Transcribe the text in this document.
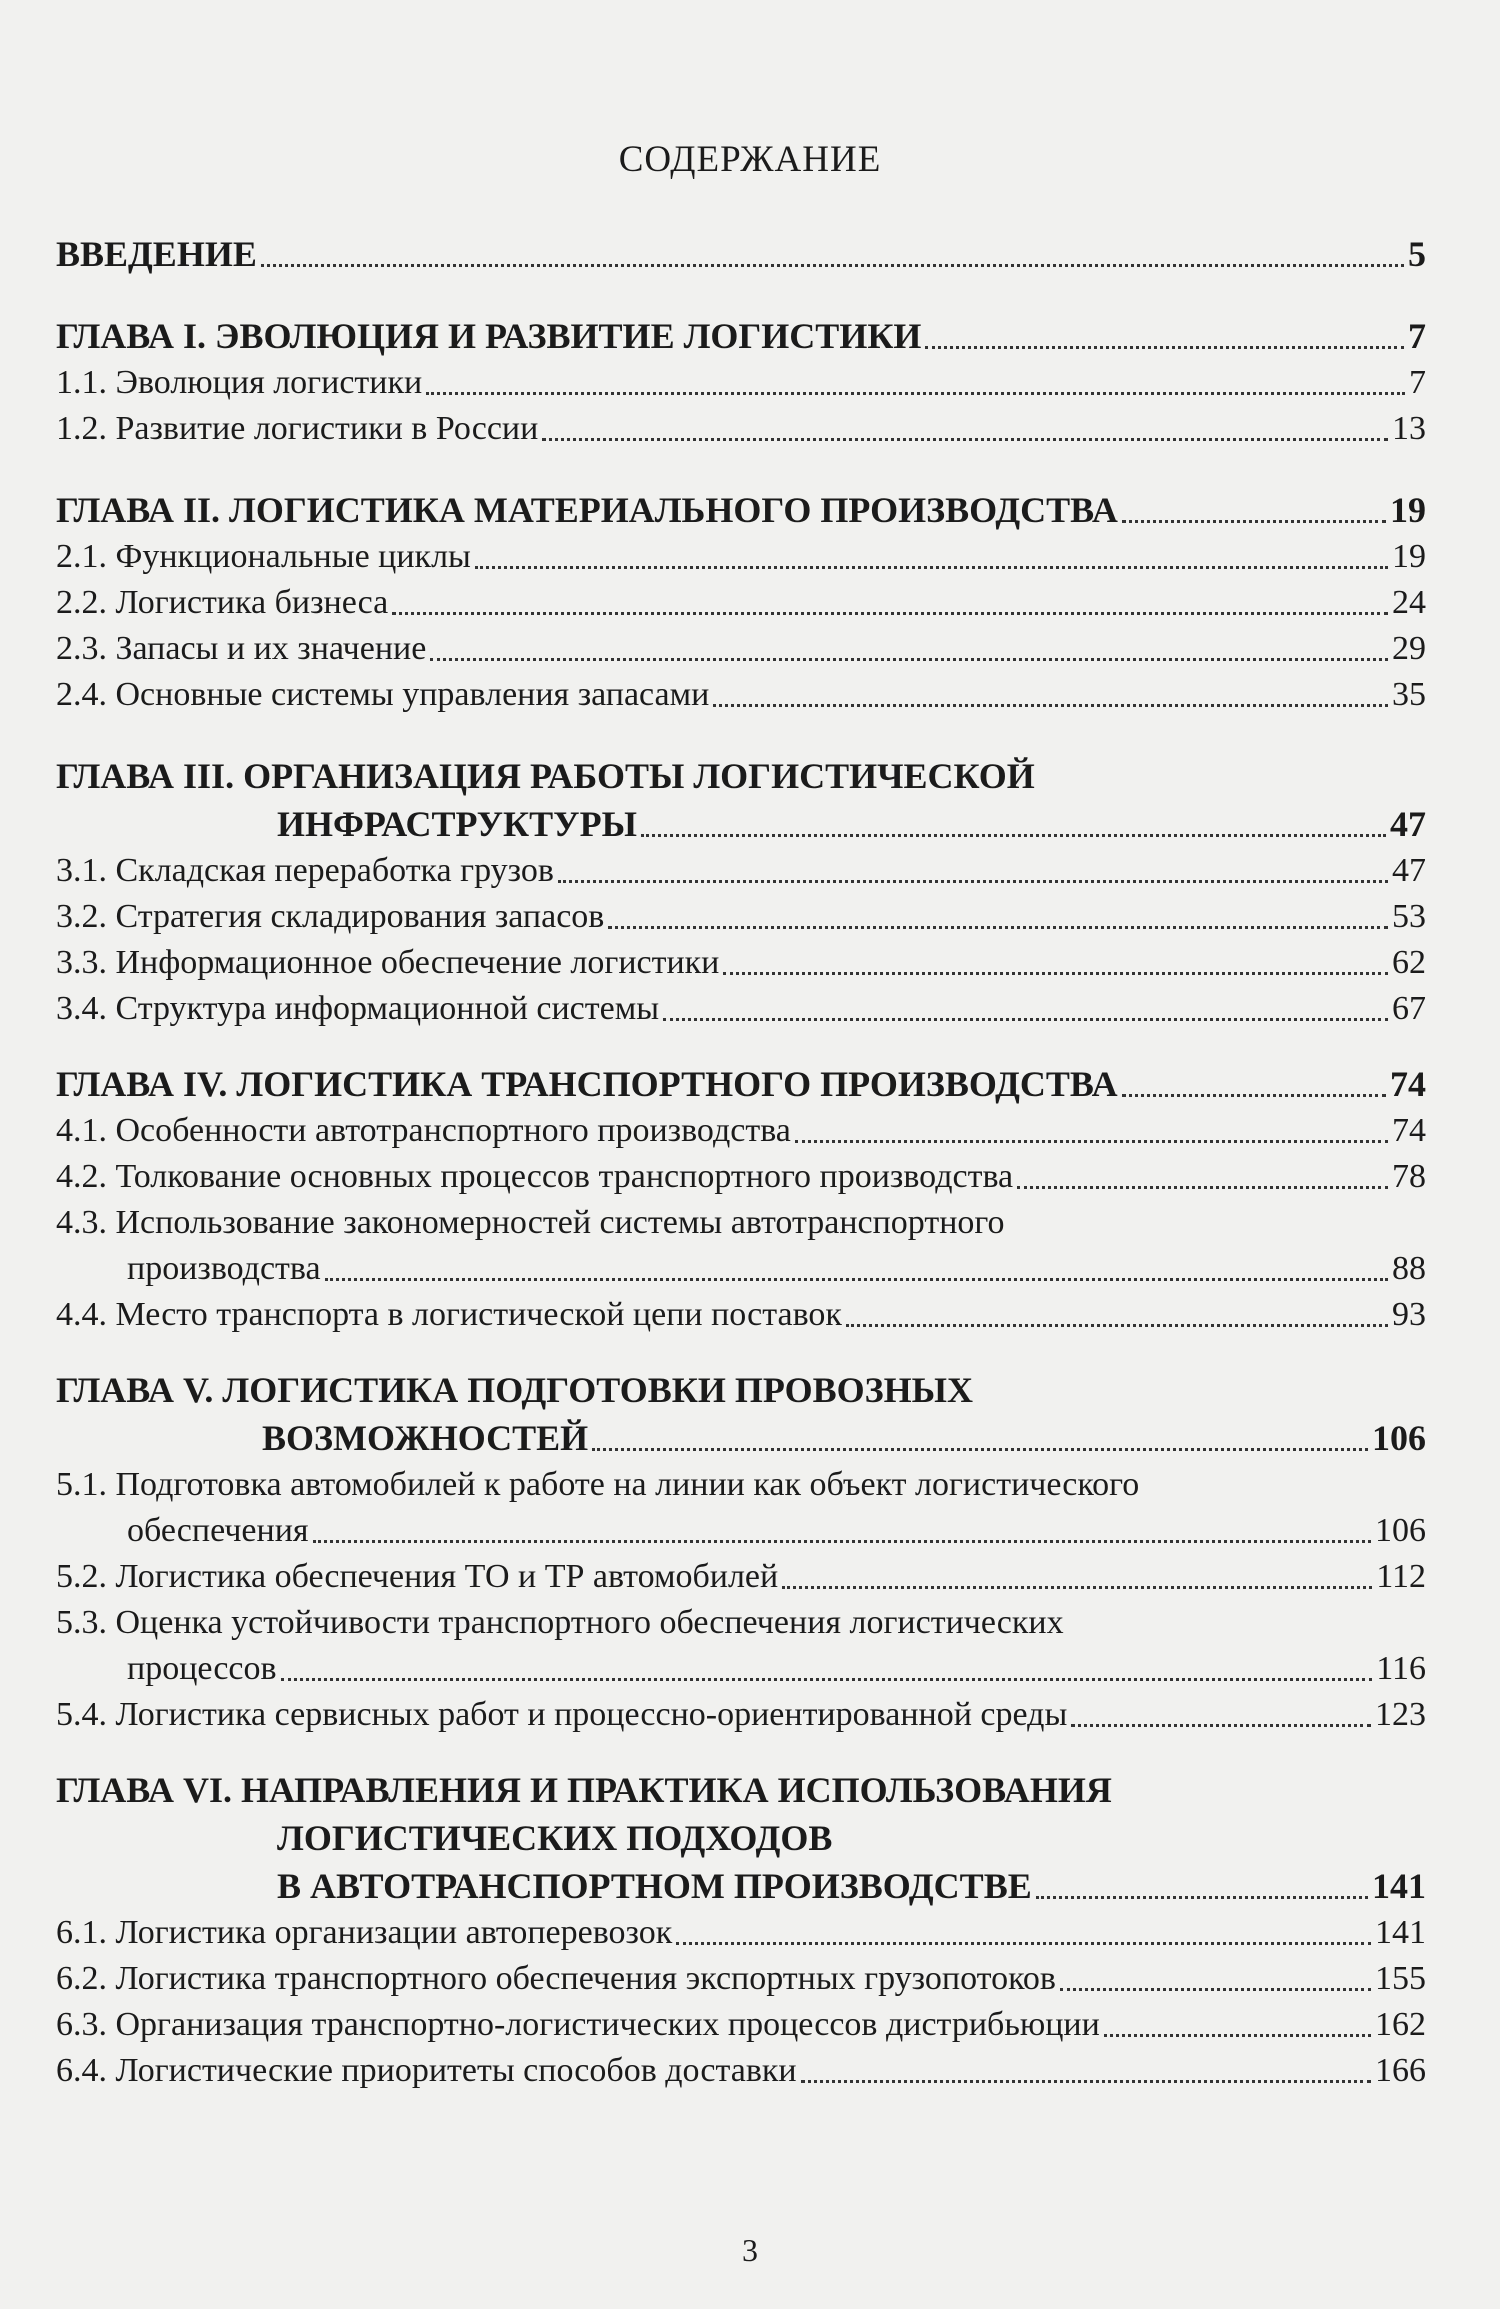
СОДЕРЖАНИЕ
ВВЕДЕНИЕ	5
ГЛАВА I. ЭВОЛЮЦИЯ И РАЗВИТИЕ ЛОГИСТИКИ	7
1.1. Эволюция логистики	7
1.2. Развитие логистики в России	13
ГЛАВА II. ЛОГИСТИКА МАТЕРИАЛЬНОГО ПРОИЗВОДСТВА	19
2.1. Функциональные циклы	19
2.2. Логистика бизнеса	24
2.3. Запасы и их значение	29
2.4. Основные системы управления запасами	35
ГЛАВА III. ОРГАНИЗАЦИЯ РАБОТЫ ЛОГИСТИЧЕСКОЙ
ИНФРАСТРУКТУРЫ	47
3.1. Складская переработка грузов	47
3.2. Стратегия складирования запасов	53
3.3. Информационное обеспечение логистики	62
3.4. Структура информационной системы	67
ГЛАВА IV. ЛОГИСТИКА ТРАНСПОРТНОГО ПРОИЗВОДСТВА	74
4.1. Особенности автотранспортного производства	74
4.2. Толкование основных процессов транспортного производства	78
4.3. Использование закономерностей системы автотранспортного
производства	88
4.4. Место транспорта в логистической цепи поставок	93
ГЛАВА V. ЛОГИСТИКА ПОДГОТОВКИ ПРОВОЗНЫХ
ВОЗМОЖНОСТЕЙ	106
5.1. Подготовка автомобилей к работе на линии как объект логистического
обеспечения	106
5.2. Логистика обеспечения ТО и ТР автомобилей	112
5.3. Оценка устойчивости транспортного обеспечения логистических
процессов	116
5.4. Логистика сервисных работ и процессно-ориентированной среды	123
ГЛАВА VI. НАПРАВЛЕНИЯ И ПРАКТИКА ИСПОЛЬЗОВАНИЯ
ЛОГИСТИЧЕСКИХ ПОДХОДОВ
В АВТОТРАНСПОРТНОМ ПРОИЗВОДСТВЕ	141
6.1. Логистика организации автоперевозок	141
6.2. Логистика транспортного обеспечения экспортных грузопотоков	155
6.3. Организация транспортно-логистических процессов дистрибьюции	162
6.4. Логистические приоритеты способов доставки	166
3
